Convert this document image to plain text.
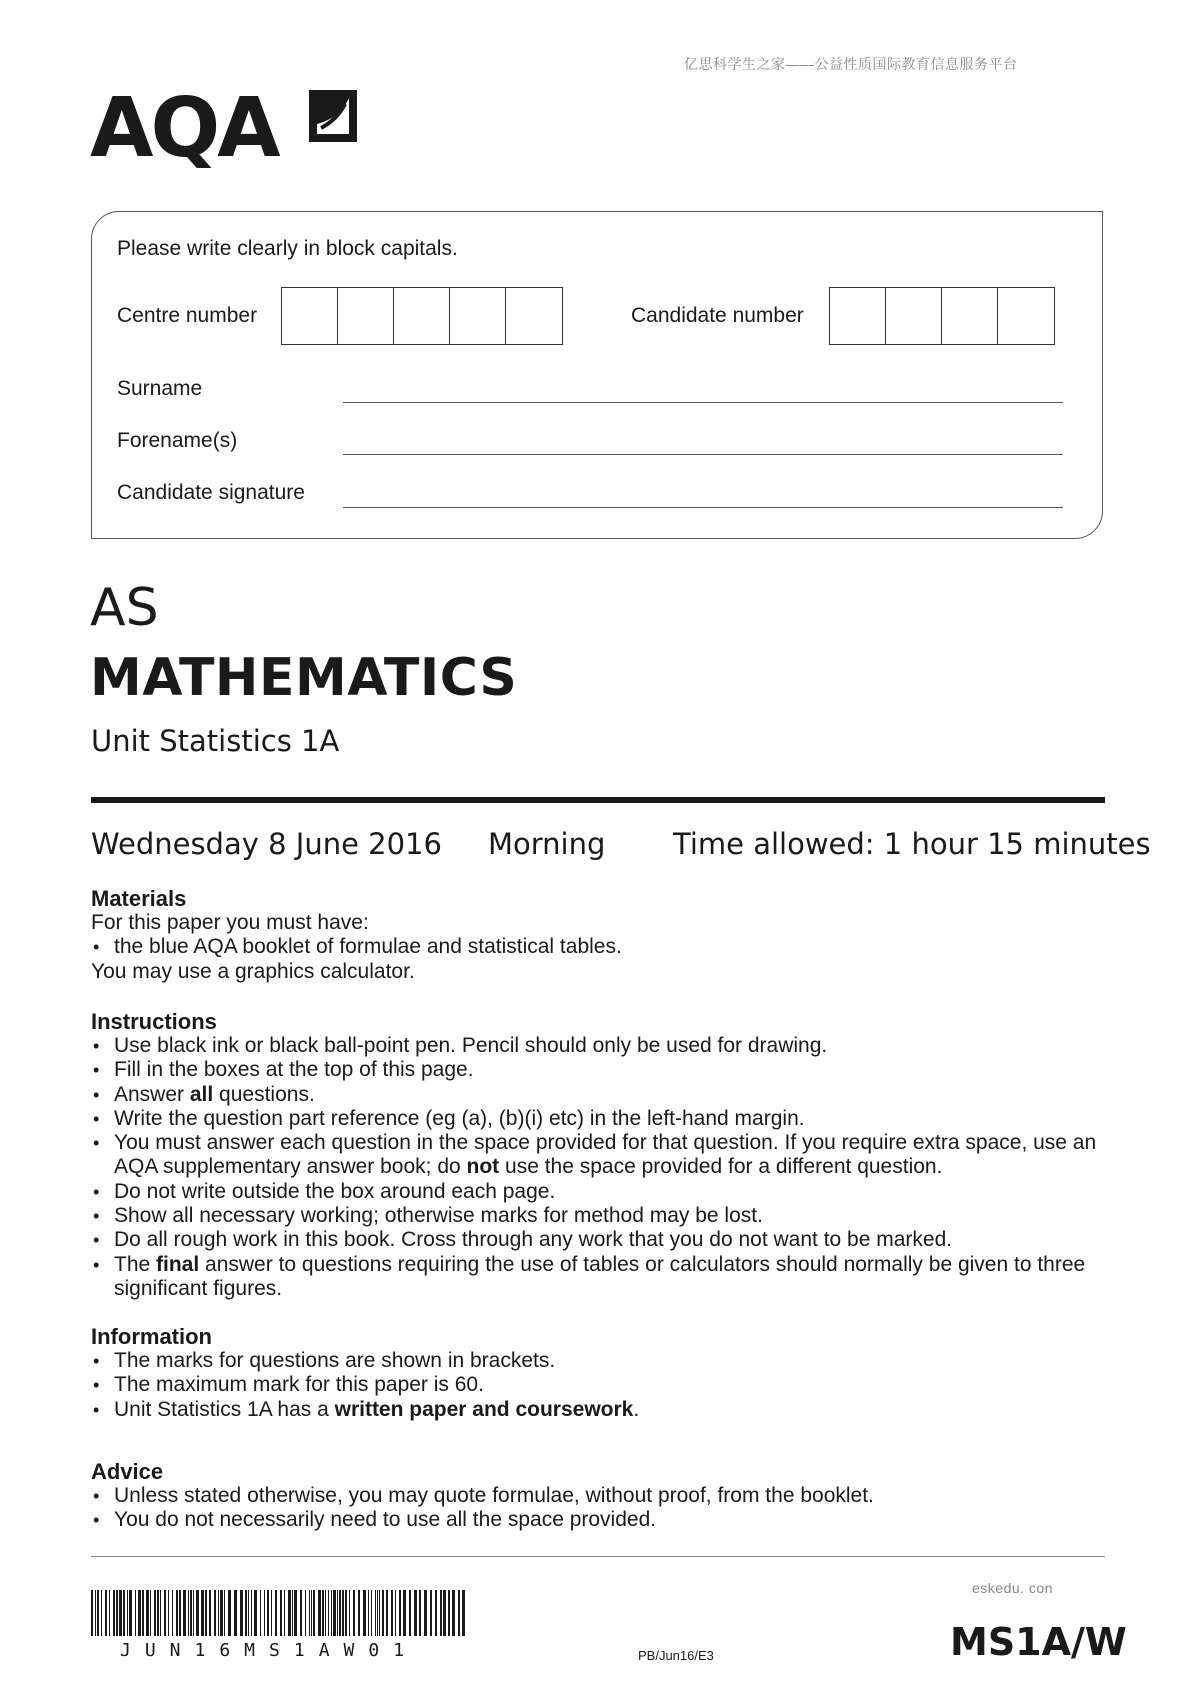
亿思科学生之家——公益性质国际教育信息服务平台
AQA
Please write clearly in block capitals.
Centre number	Candidate number
Surname
Forename(s)
Candidate signature
AS
MATHEMATICS
Unit Statistics 1A
Wednesday 8 June 2016 Morning Time allowed: 1 hour 15 minutes
Materials

For this paper you must have:

• the blue AQA booklet of formulae and statistical tables.

You may use a graphics calculator.

Instructions
• Use black ink or black ball-point pen. Pencil should only be used for drawing.
• Fill in the boxes at the top of this page.
• Answer all questions.
• Write the question part reference (eg (a), (b)(i) etc) in the left-hand margin.
• You must answer each question in the space provided for that question. If you require extra space, use an AQA supplementary answer book; do not use the space provided for a different question.
• Do not write outside the box around each page.
• Show all necessary working; otherwise marks for method may be lost.
• Do all rough work in this book. Cross through any work that you do not want to be marked.
• The final answer to questions requiring the use of tables or calculators should normally be given to three significant figures.
Information
• The marks for questions are shown in brackets.
• The maximum mark for this paper is 60.
• Unit Statistics 1A has a written paper and coursework.
Advice
• Unless stated otherwise, you may quote formulae, without proof, from the booklet.
• You do not necessarily need to use all the space provided.
JUN16MS1AW01	PB/Jun16/E3
eskedu. con
MS1A/W
